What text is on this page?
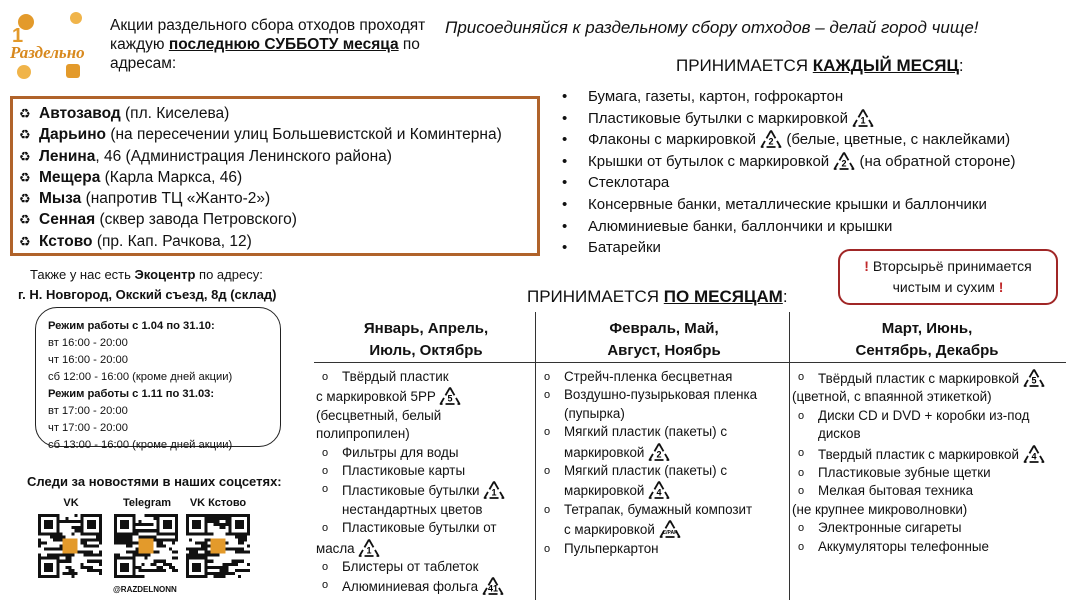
1
Раздельно
Акции раздельного сбора отходов проходят каждую последнюю СУББОТУ месяца по адресам:
Присоединяйся к раздельному сбору отходов – делай город чище!
♻ Автозавод (пл. Киселева)
♻ Дарьино (на пересечении улиц Большевистской и Коминтерна)
♻ Ленина, 46 (Администрация Ленинского района)
♻ Мещера (Карла Маркса, 46)
♻ Мыза (напротив ТЦ «Жанто-2»)
♻ Сенная (сквер завода Петровского)
♻ Кстово (пр. Кап. Рачкова, 12)
Также у нас есть Экоцентр по адресу:
г. Н. Новгород, Окский съезд, 8д (склад)
Режим работы с 1.04 по 31.10:
вт 16:00 - 20:00
чт 16:00 - 20:00
сб 12:00 - 16:00 (кроме дней акции)
Режим работы с 1.11 по 31.03:
вт 17:00 - 20:00
чт 17:00 - 20:00
сб 13:00 - 16:00 (кроме дней акции)
Следи за новостями в наших соцсетях:
VK	Telegram	VK Кстово
@RAZDELNONN
ПРИНИМАЕТСЯ КАЖДЫЙ МЕСЯЦ:
• Бумага, газеты, картон, гофрокартон
• Пластиковые бутылки с маркировкой 1
• Флаконы с маркировкой 2 (белые, цветные, с наклейками)
• Крышки от бутылок с маркировкой 2 (на обратной стороне)
• Стеклотара
• Консервные банки, металлические крышки и баллончики
• Алюминиевые банки, баллончики и крышки
• Батарейки
! Вторсырьё принимается
чистым и сухим !
ПРИНИМАЕТСЯ ПО МЕСЯЦАМ:
Январь, Апрель,
Июль, Октябрь
Февраль, Май,
Август, Ноябрь
Март, Июнь,
Сентябрь, Декабрь
o Твёрдый пластик
с маркировкой 5PP 5
(бесцветный, белый
полипропилен)
o Фильтры для воды
o Пластиковые карты
o Пластиковые бутылки 1
нестандартных цветов
o Пластиковые бутылки от
масла 1
o Блистеры от таблеток
o Алюминиевая фольга 41
o Стрейч-пленка бесцветная
o Воздушно-пузырьковая пленка
(пупырка)
o Мягкий пластик (пакеты) с
маркировкой 2
o Мягкий пластик (пакеты) с
маркировкой 4
o Тетрапак, бумажный композит
с маркировкой C/PAP
o Пульперкартон
o Твёрдый пластик с маркировкой 5
(цветной, с впаянной этикеткой)
o Диски CD и DVD + коробки из-под
дисков
o Твердый пластик с маркировкой 4
o Пластиковые зубные щетки
o Мелкая бытовая техника
(не крупнее микроволновки)
o Электронные сигареты
o Аккумуляторы телефонные
